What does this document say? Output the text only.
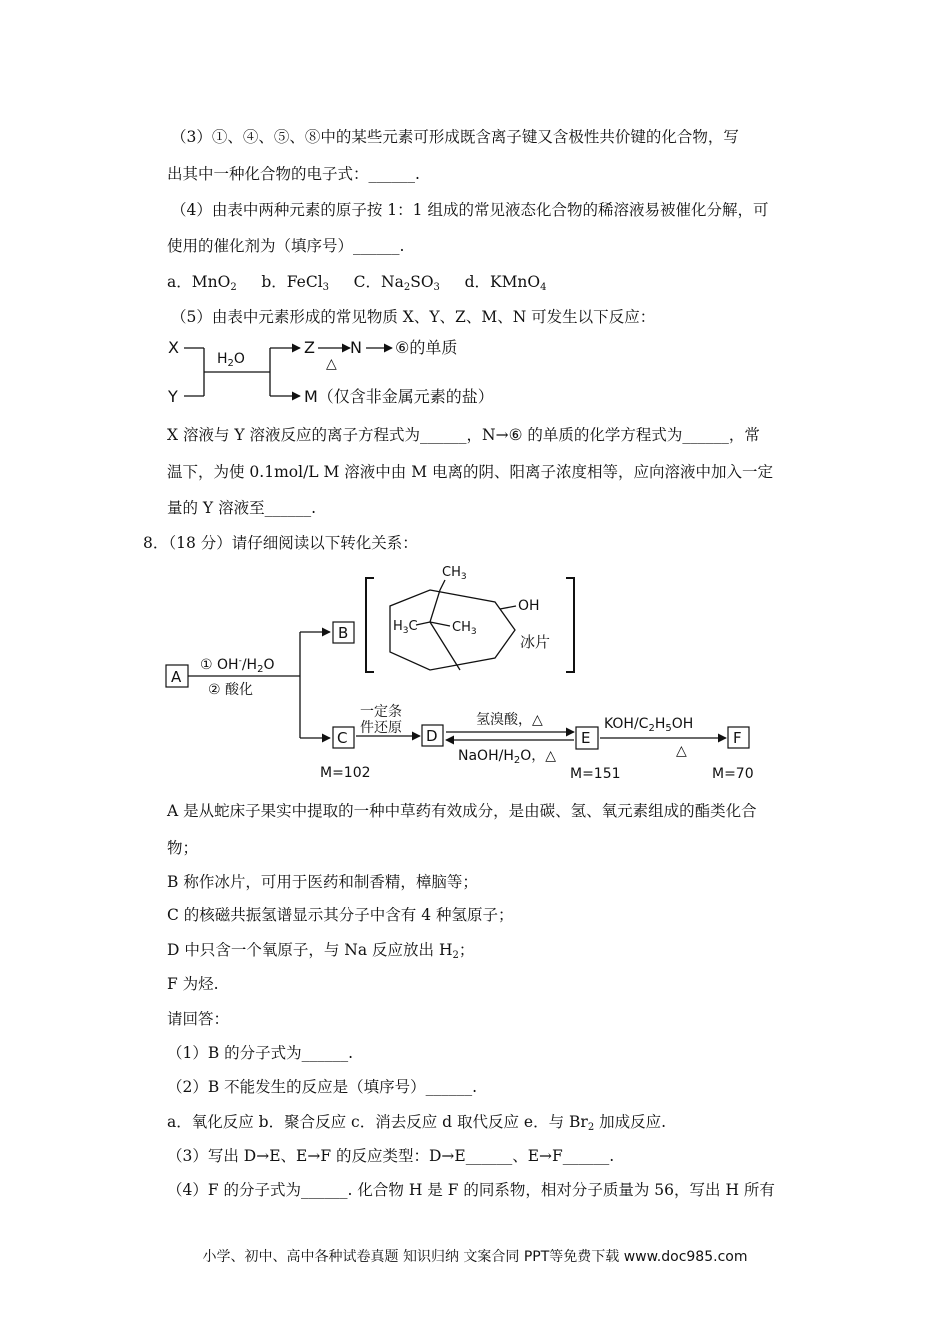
（3）①、④、⑤、⑧中的某些元素可形成既含离子键又含极性共价键的化合物，写
出其中一种化合物的电子式：______.
（4）由表中两种元素的原子按 1：1 组成的常见液态化合物的稀溶液易被催化分解，可
使用的催化剂为（填序号）______.
a．MnO$_2$ b．FeCl$_3$ C．$Na_2SO_3$ d．KMnO$_4$
（5）由表中元素形成的常见物质 X、Y、Z、M、N 可发生以下反应：
X
Y
$H_2O$
Z
△
N ⑥的单质
M（仅含非金属元素的盐）
X 溶液与 Y 溶液反应的离子方程式为______，N→⑥ 的单质的化学方程式为______，常
温下，为使 0.1mol/L M 溶液中由 M 电离的阴、阳离子浓度相等，应向溶液中加入一定
量的 Y 溶液至______.
8．（18 分）请仔细阅读以下转化关系：
A
① $OH^-/H_2O$
② 酸化
B
$CH_3$
$H_3C$	$CH_3$
OH
冰片
C
M=102
一定条
件还原 D
氢溴酸，△
NaOH/$H_2O$，△
E
M=151
KOH/$C_2H_5OH$
△
F
M=70
A 是从蛇床子果实中提取的一种中草药有效成分，是由碳、氢、氧元素组成的酯类化合
物；
B 称作冰片，可用于医药和制香精，樟脑等；
C 的核磁共振氢谱显示其分子中含有 4 种氢原子；
D 中只含一个氧原子，与 Na 反应放出 $H_2$；
F 为烃.
请回答：
（1）B 的分子式为______.
（2）B 不能发生的反应是（填序号）______.
a．氧化反应 b．聚合反应 c．消去反应 d 取代反应 e．与 $Br_2$ 加成反应.
（3）写出 D→E、E→F 的反应类型：D→E______、E→F______.
（4）F 的分子式为______. 化合物 H 是 F 的同系物，相对分子质量为 56，写出 H 所有
小学、初中、高中各种试卷真题 知识归纳 文案合同 PPT等免费下载 www.doc985.com
